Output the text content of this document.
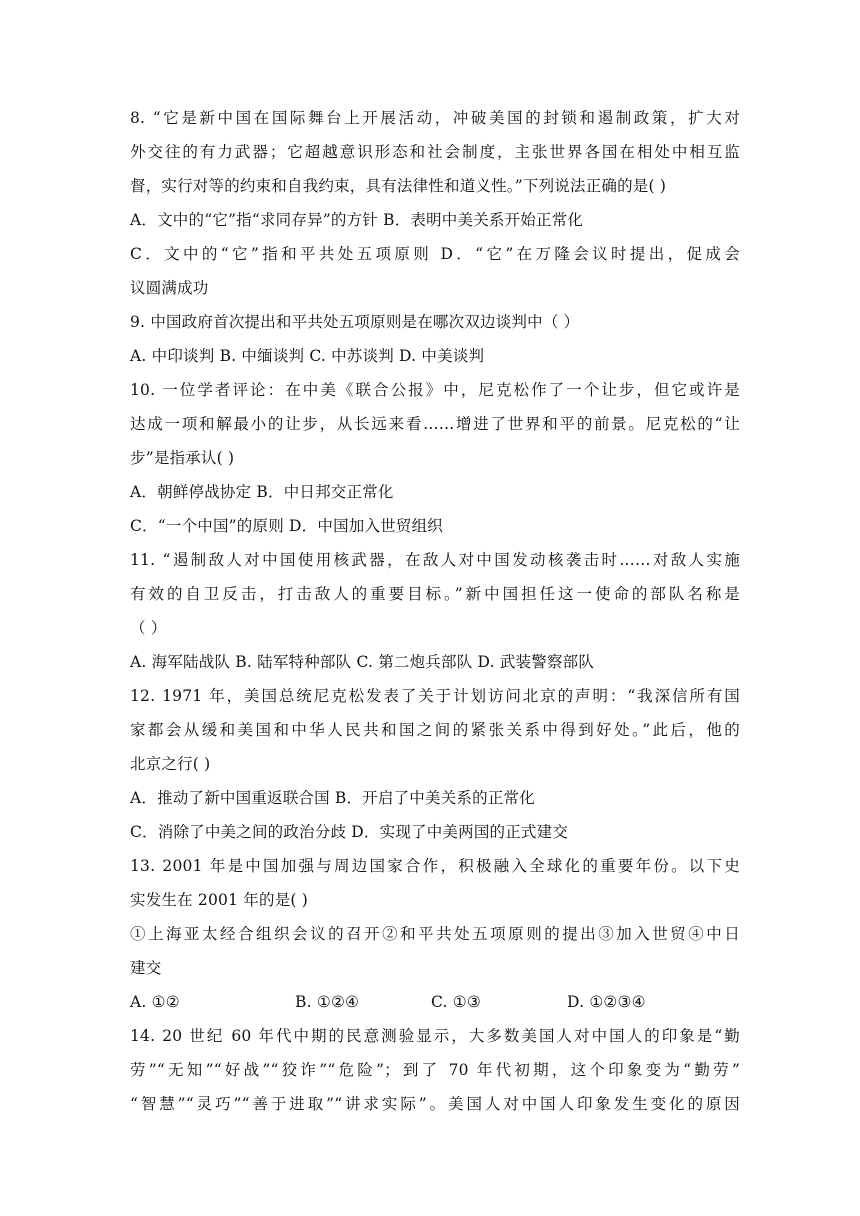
8. “它是新中国在国际舞台上开展活动，冲破美国的封锁和遏制政策，扩大对
外交往的有力武器；它超越意识形态和社会制度，主张世界各国在相处中相互监
督，实行对等的约束和自我约束，具有法律性和道义性。”下列说法正确的是( )
A．文中的“它”指“求同存异”的方针 B．表明中美关系开始正常化
C．文中的“它”指和平共处五项原则 D．“它”在万隆会议时提出，促成会
议圆满成功
9. 中国政府首次提出和平共处五项原则是在哪次双边谈判中（ ）
A. 中印谈判 B. 中缅谈判 C. 中苏谈判 D. 中美谈判
10. 一位学者评论：在中美《联合公报》中，尼克松作了一个让步，但它或许是
达成一项和解最小的让步，从长远来看……增进了世界和平的前景。尼克松的“让
步”是指承认( )
A．朝鲜停战协定 B．中日邦交正常化
C．“一个中国”的原则 D．中国加入世贸组织
11. “遏制敌人对中国使用核武器，在敌人对中国发动核袭击时……对敌人实施
有效的自卫反击，打击敌人的重要目标。”新中国担任这一使命的部队名称是
（ ）
A. 海军陆战队 B. 陆军特种部队 C. 第二炮兵部队 D. 武装警察部队
12. 1971 年，美国总统尼克松发表了关于计划访问北京的声明：“我深信所有国
家都会从缓和美国和中华人民共和国之间的紧张关系中得到好处。”此后，他的
北京之行( )
A．推动了新中国重返联合国 B．开启了中美关系的正常化
C．消除了中美之间的政治分歧 D．实现了中美两国的正式建交
13. 2001 年是中国加强与周边国家合作，积极融入全球化的重要年份。以下史
实发生在 2001 年的是( )
①上海亚太经合组织会议的召开②和平共处五项原则的提出③加入世贸④中日
建交
A. ①②	B. ①②④	C. ①③	D. ①②③④
14. 20 世纪 60 年代中期的民意测验显示，大多数美国人对中国人的印象是“勤
劳”“无知”“好战”“狡诈”“危险”；到了 70 年代初期，这个印象变为“勤劳”
“智慧”“灵巧”“善于进取”“讲求实际”。美国人对中国人印象发生变化的原因
